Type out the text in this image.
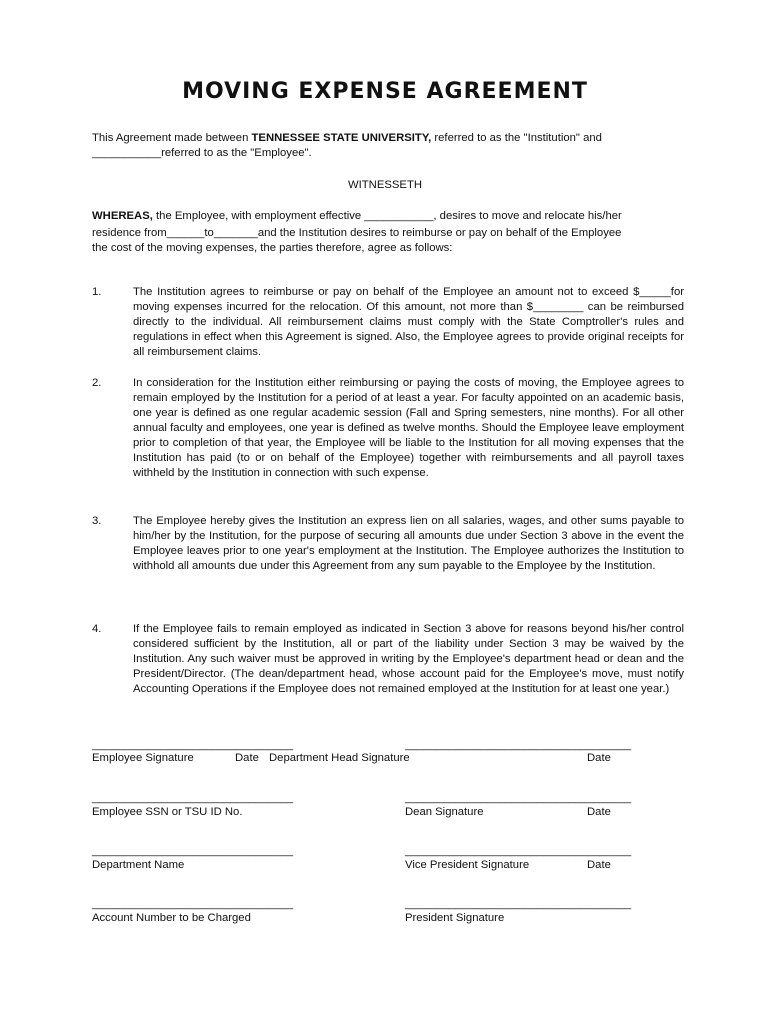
MOVING EXPENSE AGREEMENT
This Agreement made between TENNESSEE STATE UNIVERSITY, referred to as the "Institution" and
___________referred to as the "Employee".
WITNESSETH
WHEREAS, the Employee, with employment effective ___________, desires to move and relocate his/her
residence from______to_______and the Institution desires to reimburse or pay on behalf of the Employee
the cost of the moving expenses, the parties therefore, agree as follows:
1.	The Institution agrees to reimburse or pay on behalf of the Employee an amount not to exceed $_____for moving expenses incurred for the relocation. Of this amount, not more than $________ can be reimbursed directly to the individual. All reimbursement claims must comply with the State Comptroller's rules and regulations in effect when this Agreement is signed. Also, the Employee agrees to provide original receipts for all reimbursement claims.
2.	In consideration for the Institution either reimbursing or paying the costs of moving, the Employee agrees to remain employed by the Institution for a period of at least a year. For faculty appointed on an academic basis, one year is defined as one regular academic session (Fall and Spring semesters, nine months). For all other annual faculty and employees, one year is defined as twelve months. Should the Employee leave employment prior to completion of that year, the Employee will be liable to the Institution for all moving expenses that the Institution has paid (to or on behalf of the Employee) together with reimbursements and all payroll taxes withheld by the Institution in connection with such expense.
3.	The Employee hereby gives the Institution an express lien on all salaries, wages, and other sums payable to him/her by the Institution, for the purpose of securing all amounts due under Section 3 above in the event the Employee leaves prior to one year's employment at the Institution. The Employee authorizes the Institution to withhold all amounts due under this Agreement from any sum payable to the Employee by the Institution.
4.	If the Employee fails to remain employed as indicated in Section 3 above for reasons beyond his/her control considered sufficient by the Institution, all or part of the liability under Section 3 may be waived by the Institution. Any such waiver must be approved in writing by the Employee's department head or dean and the President/Director. (The dean/department head, whose account paid for the Employee's move, must notify Accounting Operations if the Employee does not remained employed at the Institution for at least one year.)
________________________________	____________________________________
Employee Signature	Date Department Head Signature	Date
________________________________	____________________________________
Employee SSN or TSU ID No.	Dean Signature	Date
________________________________	____________________________________
Department Name	Vice President Signature	Date
________________________________	____________________________________
Account Number to be Charged	President Signature
